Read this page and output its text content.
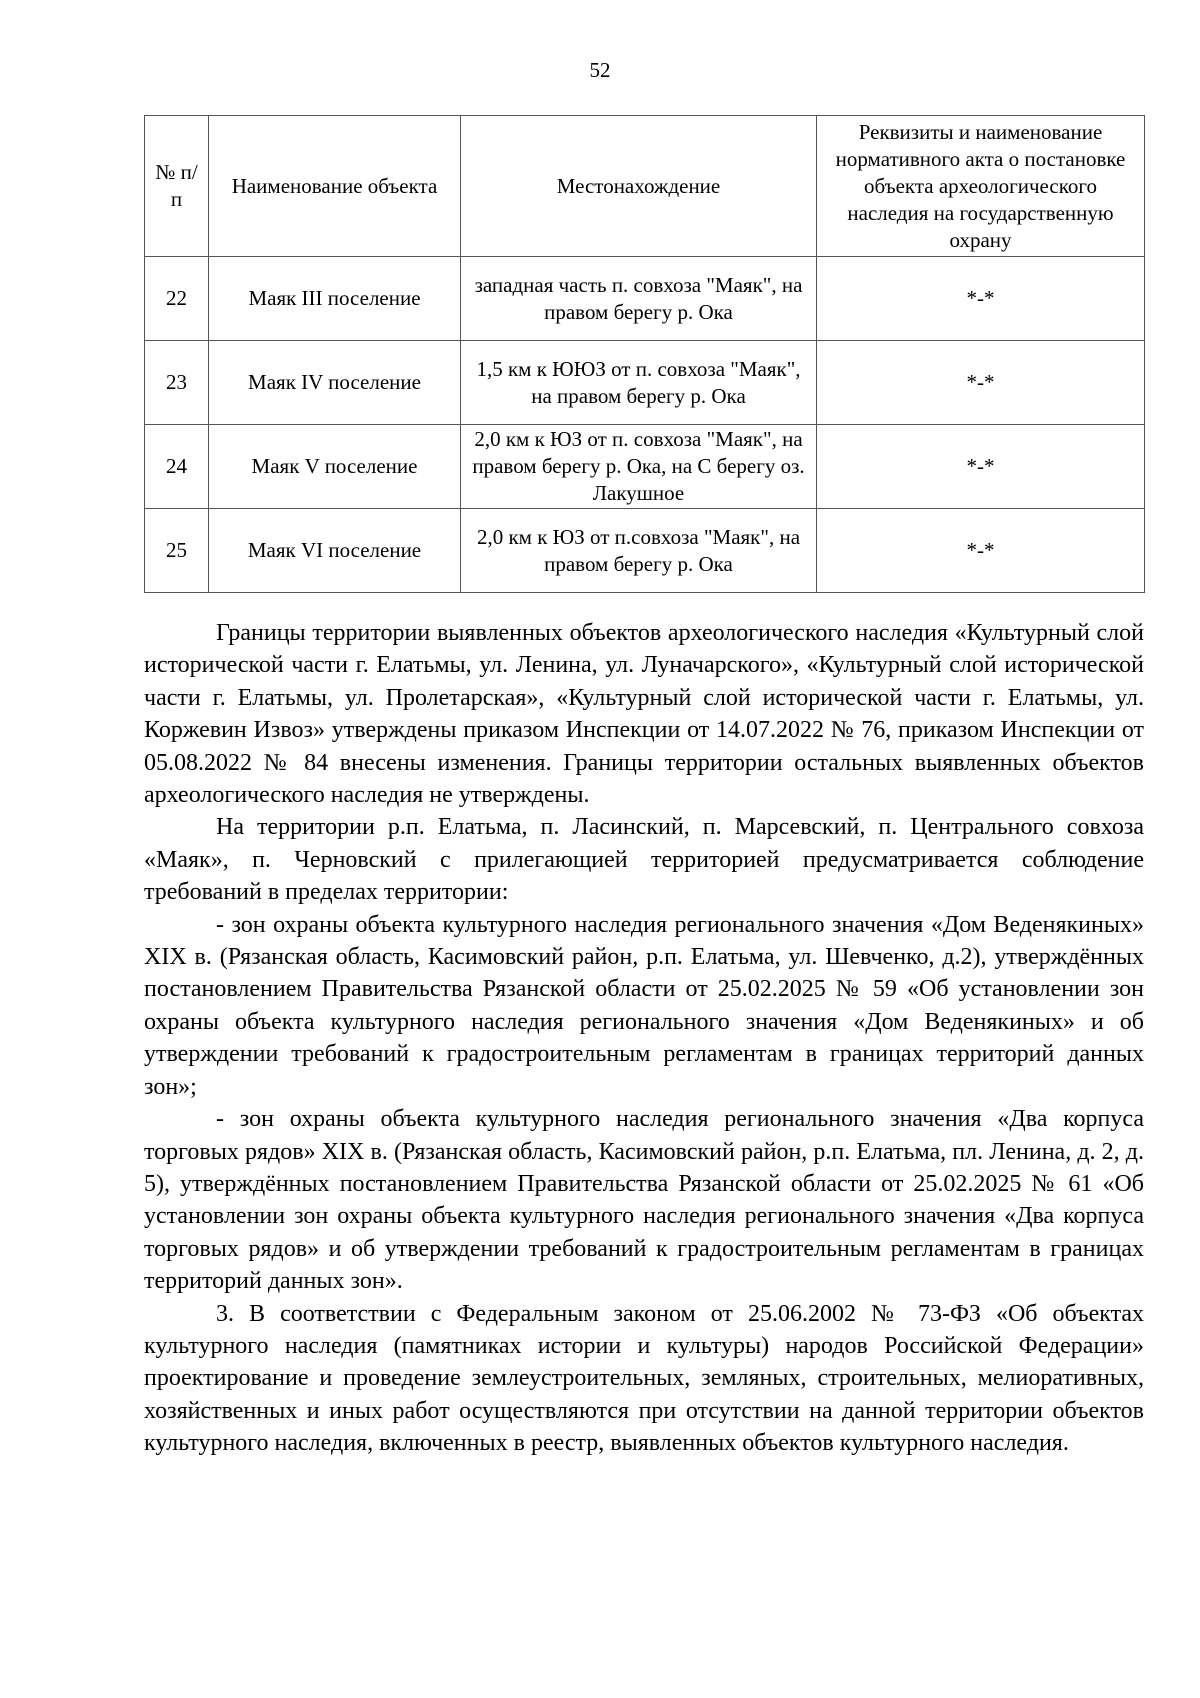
52
№ п/п	Наименование объекта	Местонахождение	Реквизиты и наименование нормативного акта о постановке объекта археологического наследия на государственную охрану
22	Маяк III поселение	западная часть п. совхоза "Маяк", на правом берегу р. Ока	*-*
23	Маяк IV поселение	1,5 км к ЮЮЗ от п. совхоза "Маяк", на правом берегу р. Ока	*-*
24	Маяк V поселение	2,0 км к ЮЗ от п. совхоза "Маяк", на правом берегу р. Ока, на С берегу оз. Лакушное	*-*
25	Маяк VI поселение	2,0 км к ЮЗ от п.совхоза "Маяк", на правом берегу р. Ока	*-*

Границы территории выявленных объектов археологического наследия «Культурный слой исторической части г. Елатьмы, ул. Ленина, ул. Луначарского», «Культурный слой исторической части г. Елатьмы, ул. Пролетарская», «Культурный слой исторической части г. Елатьмы, ул. Коржевин Извоз» утверждены приказом Инспекции от 14.07.2022 № 76, приказом Инспекции от 05.08.2022 № 84 внесены изменения. Границы территории остальных выявленных объектов археологического наследия не утверждены.

На территории р.п. Елатьма, п. Ласинский, п. Марсевский, п. Центрального совхоза «Маяк», п. Черновский с прилегающией территорией предусматривается соблюдение требований в пределах территории:

- зон охраны объекта культурного наследия регионального значения «Дом Веденякиных» XIX в. (Рязанская область, Касимовский район, р.п. Елатьма, ул. Шевченко, д.2), утверждённых постановлением Правительства Рязанской области от 25.02.2025 № 59 «Об установлении зон охраны объекта культурного наследия регионального значения «Дом Веденякиных» и об утверждении требований к градостроительным регламентам в границах территорий данных зон»;

- зон охраны объекта культурного наследия регионального значения «Два корпуса торговых рядов» XIX в. (Рязанская область, Касимовский район, р.п. Елатьма, пл. Ленина, д. 2, д. 5), утверждённых постановлением Правительства Рязанской области от 25.02.2025 № 61 «Об установлении зон охраны объекта культурного наследия регионального значения «Два корпуса торговых рядов» и об утверждении требований к градостроительным регламентам в границах территорий данных зон».

3. В соответствии с Федеральным законом от 25.06.2002 № 73-ФЗ «Об объектах культурного наследия (памятниках истории и культуры) народов Российской Федерации» проектирование и проведение землеустроительных, земляных, строительных, мелиоративных, хозяйственных и иных работ осуществляются при отсутствии на данной территории объектов культурного наследия, включенных в реестр, выявленных объектов культурного наследия.
